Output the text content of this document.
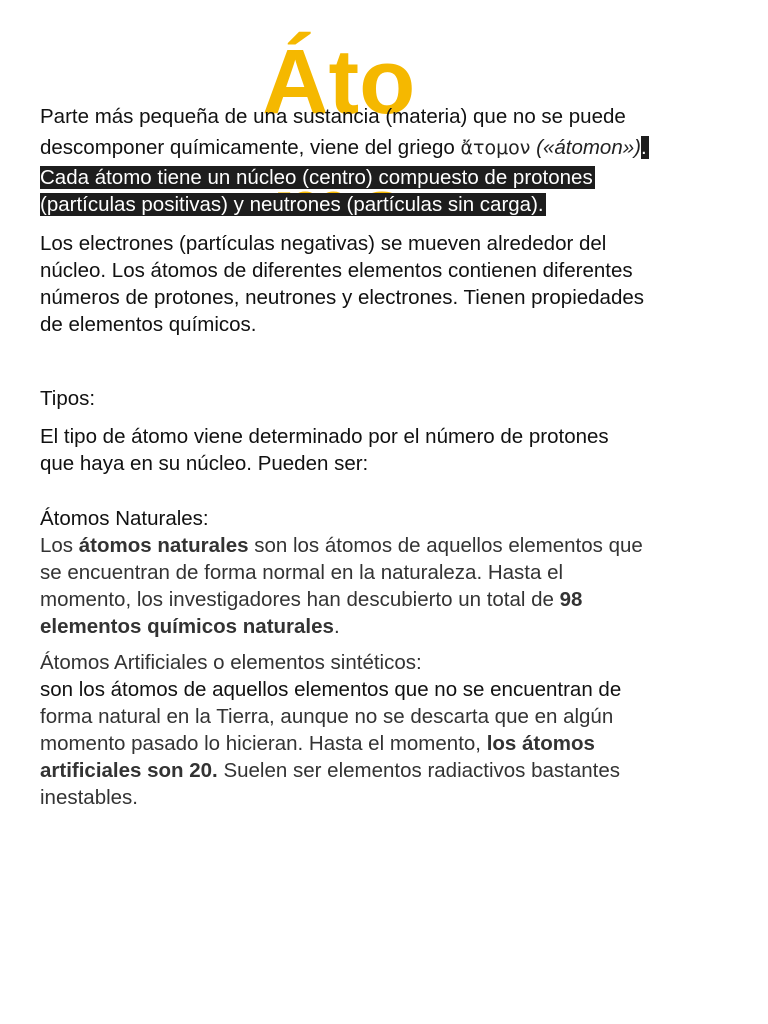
Áto
Parte más pequeña de una sustancia (materia) que no se puede
descomponer químicamente, viene del griego ἄτομον («átomon»).
Cada átomo tiene un núcleo (centro) compuesto de protones
(partículas positivas) y neutrones (partículas sin carga).
Los electrones (partículas negativas) se mueven alrededor del
núcleo. Los átomos de diferentes elementos contienen diferentes
números de protones, neutrones y electrones. Tienen propiedades
de elementos químicos.
Tipos:
El tipo de átomo viene determinado por el número de protones
que haya en su núcleo. Pueden ser:
Átomos Naturales:
Los átomos naturales son los átomos de aquellos elementos que
se encuentran de forma normal en la naturaleza. Hasta el
momento, los investigadores han descubierto un total de 98
elementos químicos naturales.
Átomos Artificiales o elementos sintéticos:
son los átomos de aquellos elementos que no se encuentran de
forma natural en la Tierra, aunque no se descarta que en algún
momento pasado lo hicieran. Hasta el momento, los átomos
artificiales son 20. Suelen ser elementos radiactivos bastantes
inestables.
